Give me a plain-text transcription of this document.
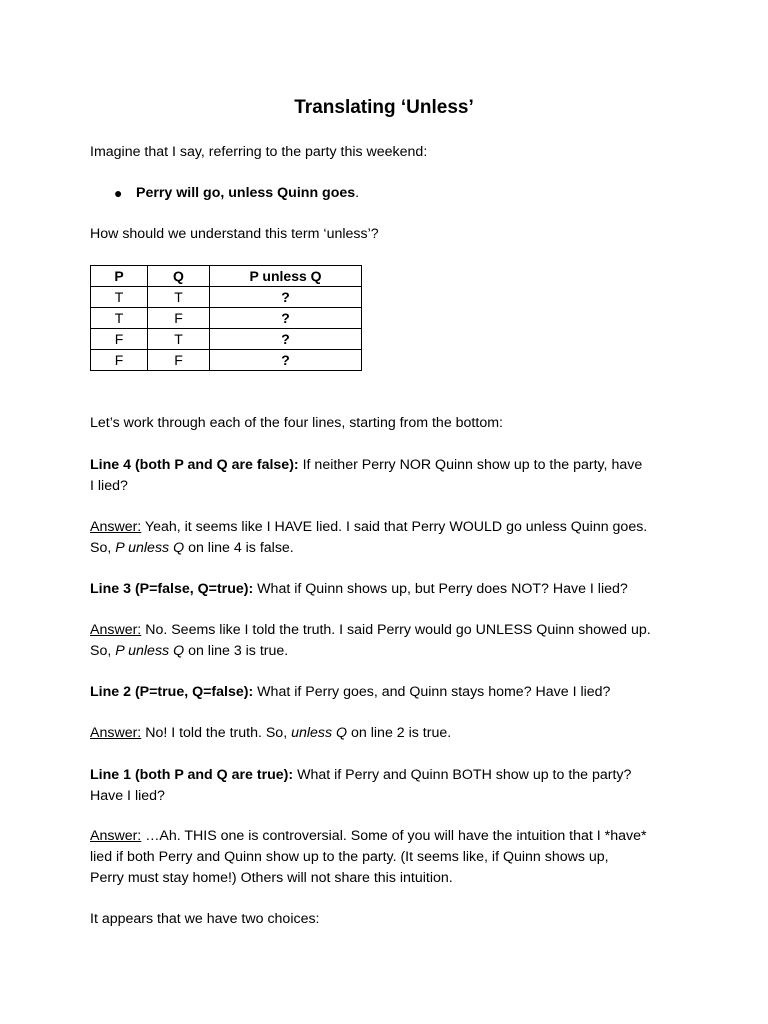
Translating ‘Unless’

Imagine that I say, referring to the party this weekend:

● Perry will go, unless Quinn goes.

How should we understand this term ‘unless’?

P	Q	P unless Q
T	T	?
T	F	?
F	T	?
F	F	?

Let’s work through each of the four lines, starting from the bottom:

Line 4 (both P and Q are false): If neither Perry NOR Quinn show up to the party, have
I lied?

Answer: Yeah, it seems like I HAVE lied. I said that Perry WOULD go unless Quinn goes.
So, P unless Q on line 4 is false.

Line 3 (P=false, Q=true): What if Quinn shows up, but Perry does NOT? Have I lied?

Answer: No. Seems like I told the truth. I said Perry would go UNLESS Quinn showed up.
So, P unless Q on line 3 is true.

Line 2 (P=true, Q=false): What if Perry goes, and Quinn stays home? Have I lied?

Answer: No! I told the truth. So, unless Q on line 2 is true.

Line 1 (both P and Q are true): What if Perry and Quinn BOTH show up to the party?
Have I lied?

Answer: …Ah. THIS one is controversial. Some of you will have the intuition that I *have*
lied if both Perry and Quinn show up to the party. (It seems like, if Quinn shows up,
Perry must stay home!) Others will not share this intuition.

It appears that we have two choices:
